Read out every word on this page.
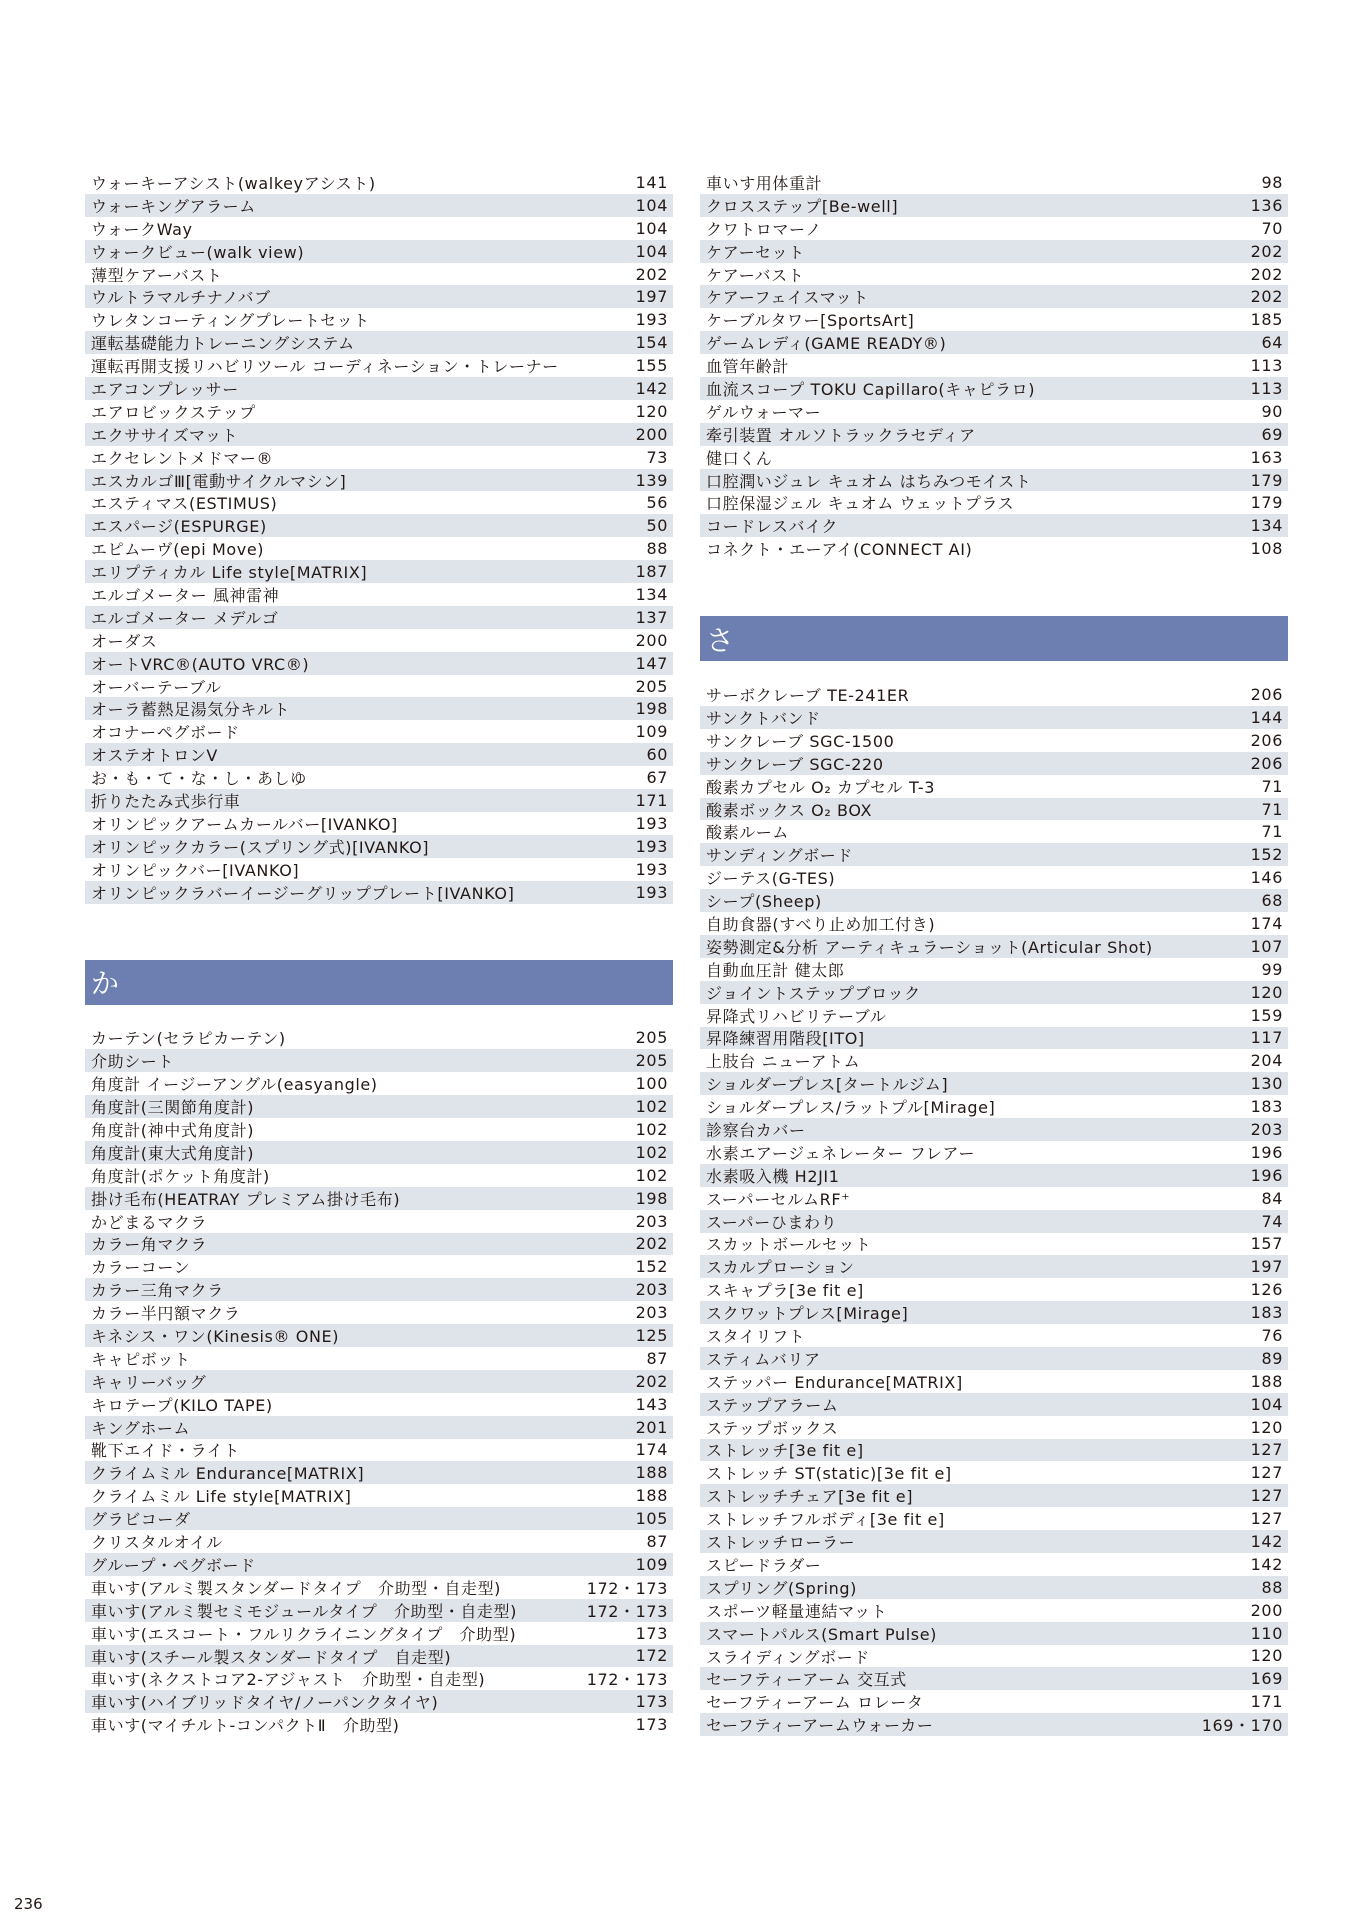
ウォーキーアシスト(walkeyアシスト)	141
ウォーキングアラーム	104
ウォークWay	104
ウォークビュー(walk view)	104
薄型ケアーバスト	202
ウルトラマルチナノバブ	197
ウレタンコーティングプレートセット	193
運転基礎能力トレーニングシステム	154
運転再開支援リハビリツール コーディネーション・トレーナー	155
エアコンプレッサー	142
エアロビックステップ	120
エクササイズマット	200
エクセレントメドマー®	73
エスカルゴⅢ[電動サイクルマシン]	139
エスティマス(ESTIMUS)	56
エスパージ(ESPURGE)	50
エピムーヴ(epi Move)	88
エリプティカル Life style[MATRIX]	187
エルゴメーター 風神雷神	134
エルゴメーター メデルゴ	137
オーダス	200
オートVRC®(AUTO VRC®)	147
オーバーテーブル	205
オーラ蓄熱足湯気分キルト	198
オコナーペグボード	109
オステオトロンV	60
お・も・て・な・し・あしゆ	67
折りたたみ式歩行車	171
オリンピックアームカールバー[IVANKO]	193
オリンピックカラー(スプリング式)[IVANKO]	193
オリンピックバー[IVANKO]	193
オリンピックラバーイージーグリッププレート[IVANKO]	193
か
カーテン(セラピカーテン)	205
介助シート	205
角度計 イージーアングル(easyangle)	100
角度計(三関節角度計)	102
角度計(神中式角度計)	102
角度計(東大式角度計)	102
角度計(ポケット角度計)	102
掛け毛布(HEATRAY プレミアム掛け毛布)	198
かどまるマクラ	203
カラー角マクラ	202
カラーコーン	152
カラー三角マクラ	203
カラー半円額マクラ	203
キネシス・ワン(Kinesis® ONE)	125
キャピボット	87
キャリーバッグ	202
キロテープ(KILO TAPE)	143
キングホーム	201
靴下エイド・ライト	174
クライムミル Endurance[MATRIX]	188
クライムミル Life style[MATRIX]	188
グラビコーダ	105
クリスタルオイル	87
グループ・ペグボード	109
車いす(アルミ製スタンダードタイプ　介助型・自走型)	172・173
車いす(アルミ製セミモジュールタイプ　介助型・自走型)	172・173
車いす(エスコート・フルリクライニングタイプ　介助型)	173
車いす(スチール製スタンダードタイプ　自走型)	172
車いす(ネクストコア2-アジャスト　介助型・自走型)	172・173
車いす(ハイブリッドタイヤ/ノーパンクタイヤ)	173
車いす(マイチルト-コンパクトⅡ　介助型)	173
車いす用体重計	98
クロスステップ[Be-well]	136
クワトロマーノ	70
ケアーセット	202
ケアーバスト	202
ケアーフェイスマット	202
ケーブルタワー[SportsArt]	185
ゲームレディ(GAME READY®)	64
血管年齢計	113
血流スコープ TOKU Capillaro(キャピラロ)	113
ゲルウォーマー	90
牽引装置 オルソトラックラセディア	69
健口くん	163
口腔潤いジュレ キュオム はちみつモイスト	179
口腔保湿ジェル キュオム ウェットプラス	179
コードレスバイク	134
コネクト・エーアイ(CONNECT AI)	108
さ
サーボクレーブ TE-241ER	206
サンクトバンド	144
サンクレーブ SGC-1500	206
サンクレーブ SGC-220	206
酸素カプセル O₂ カプセル T-3	71
酸素ボックス O₂ BOX	71
酸素ルーム	71
サンディングボード	152
ジーテス(G-TES)	146
シープ(Sheep)	68
自助食器(すべり止め加工付き)	174
姿勢測定&分析 アーティキュラーショット(Articular Shot)	107
自動血圧計 健太郎	99
ジョイントステップブロック	120
昇降式リハビリテーブル	159
昇降練習用階段[ITO]	117
上肢台 ニューアトム	204
ショルダープレス[タートルジム]	130
ショルダープレス/ラットプル[Mirage]	183
診察台カバー	203
水素エアージェネレーター フレアー	196
水素吸入機 H2JI1	196
スーパーセルムRF⁺	84
スーパーひまわり	74
スカットボールセット	157
スカルプローション	197
スキャプラ[3e fit e]	126
スクワットプレス[Mirage]	183
スタイリフト	76
スティムバリア	89
ステッパー Endurance[MATRIX]	188
ステップアラーム	104
ステップボックス	120
ストレッチ[3e fit e]	127
ストレッチ ST(static)[3e fit e]	127
ストレッチチェア[3e fit e]	127
ストレッチフルボディ[3e fit e]	127
ストレッチローラー	142
スピードラダー	142
スプリング(Spring)	88
スポーツ軽量連結マット	200
スマートパルス(Smart Pulse)	110
スライディングボード	120
セーフティーアーム 交互式	169
セーフティーアーム ロレータ	171
セーフティーアームウォーカー	169・170
236
